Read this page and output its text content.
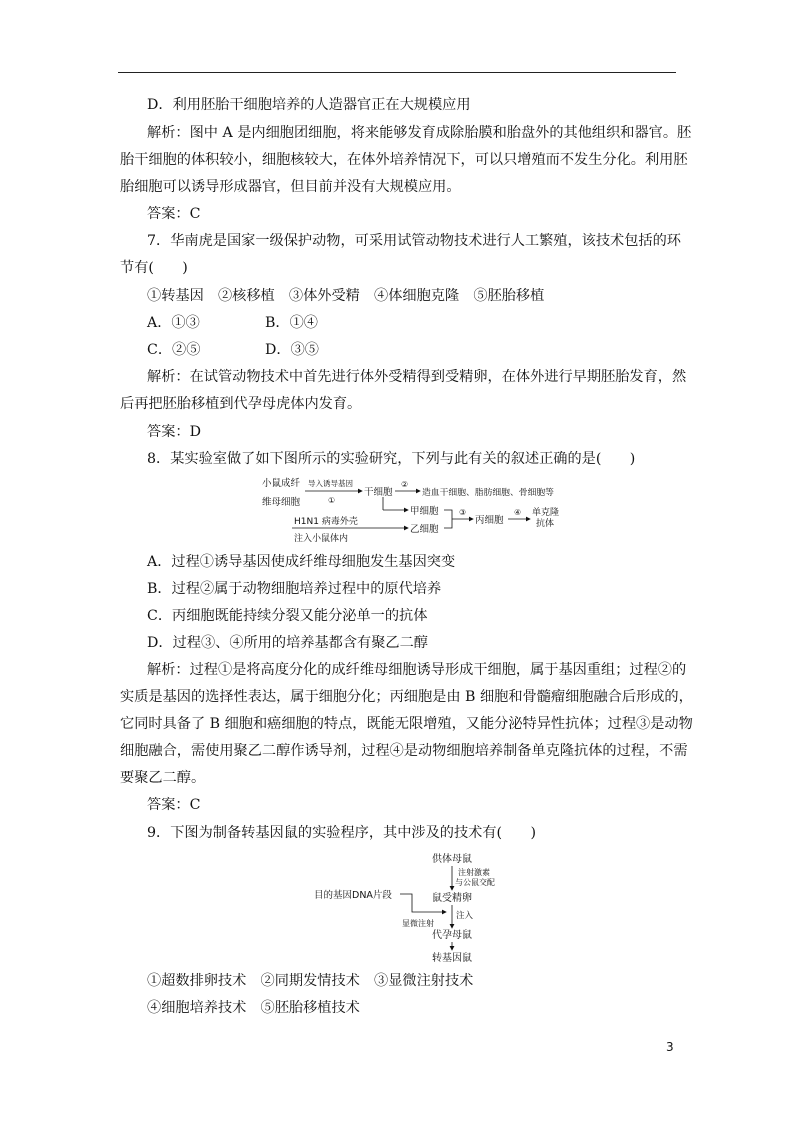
D．利用胚胎干细胞培养的人造器官正在大规模应用
解析：图中 A 是内细胞团细胞，将来能够发育成除胎膜和胎盘外的其他组织和器官。胚
胎干细胞的体积较小，细胞核较大，在体外培养情况下，可以只增殖而不发生分化。利用胚
胎细胞可以诱导形成器官，但目前并没有大规模应用。
答案：C
7．华南虎是国家一级保护动物，可采用试管动物技术进行人工繁殖，该技术包括的环
节有(　　)
①转基因　②核移植　③体外受精　④体细胞克隆　⑤胚胎移植
A．①③	B．①④
C．②⑤	D．③⑤
解析：在试管动物技术中首先进行体外受精得到受精卵，在体外进行早期胚胎发育，然
后再把胚胎移植到代孕母虎体内发育。
答案：D
8．某实验室做了如下图所示的实验研究，下列与此有关的叙述正确的是(　　)
小鼠成纤
维母细胞
导入诱导基因
①
干细胞
②
造血干细胞、脂肪细胞、骨细胞等
甲细胞
H1N1 病毒外壳
注入小鼠体内
乙细胞
③
丙细胞
④ 单克隆
抗体
A．过程①诱导基因使成纤维母细胞发生基因突变
B．过程②属于动物细胞培养过程中的原代培养
C．丙细胞既能持续分裂又能分泌单一的抗体
D．过程③、④所用的培养基都含有聚乙二醇
解析：过程①是将高度分化的成纤维母细胞诱导形成干细胞，属于基因重组；过程②的
实质是基因的选择性表达，属于细胞分化；丙细胞是由 B 细胞和骨髓瘤细胞融合后形成的，
它同时具备了 B 细胞和癌细胞的特点，既能无限增殖，又能分泌特异性抗体；过程③是动物
细胞融合，需使用聚乙二醇作诱导剂，过程④是动物细胞培养制备单克隆抗体的过程，不需
要聚乙二醇。
答案：C
9．下图为制备转基因鼠的实验程序，其中涉及的技术有(　　)
供体母鼠
注射激素
与公鼠交配
目的基因DNA片段	鼠受精卵
显微注射
注入
代孕母鼠
转基因鼠
①超数排卵技术　②同期发情技术　③显微注射技术
④细胞培养技术　⑤胚胎移植技术
3
